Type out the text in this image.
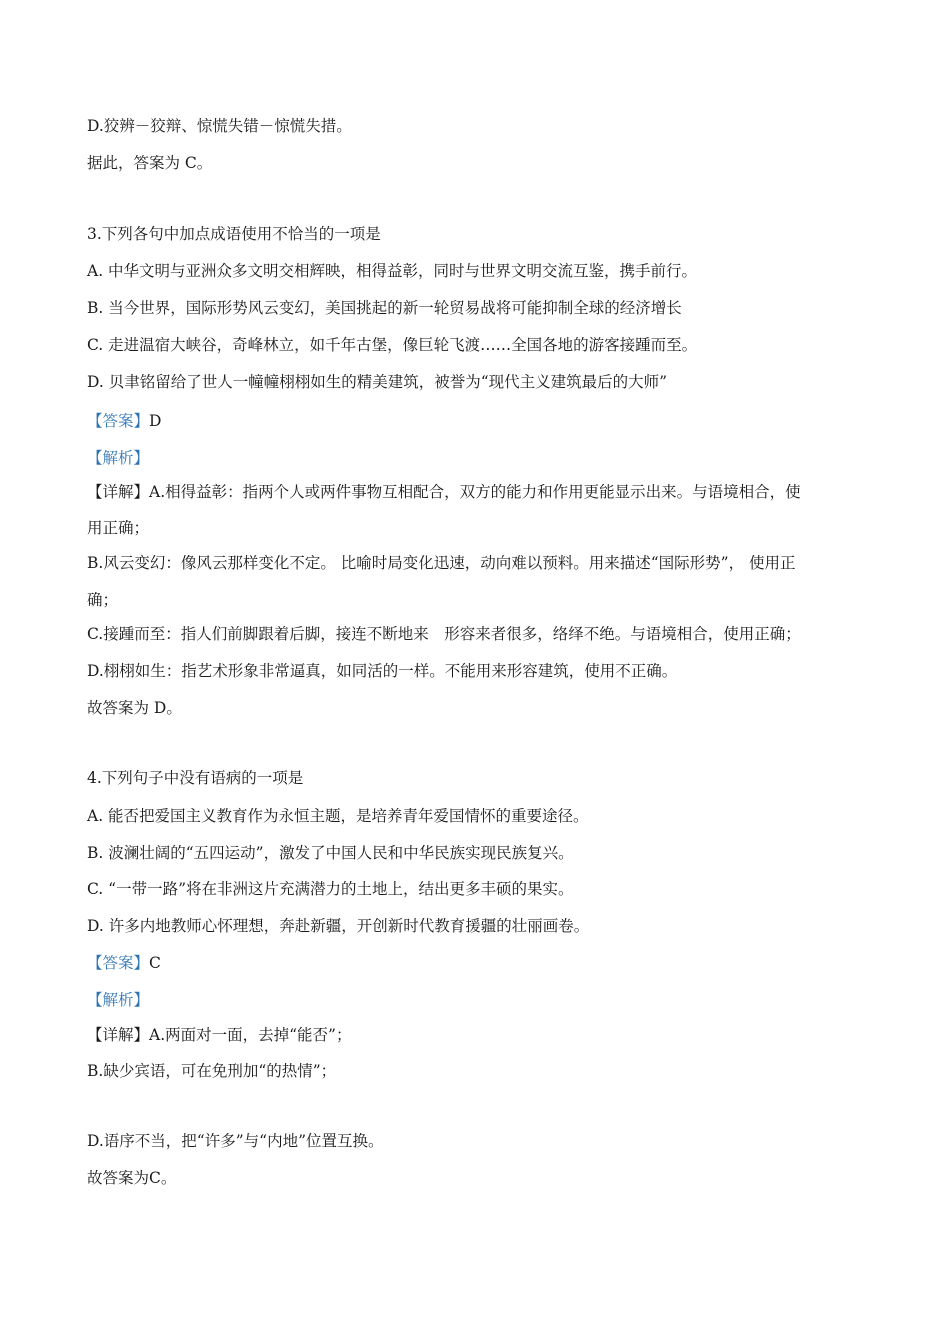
D.狡辨－狡辩、惊慌失错－惊慌失措。
据此，答案为 C。
3.下列各句中加点成语使用不恰当的一项是
A. 中华文明与亚洲众多文明交相辉映，相得益彰，同时与世界文明交流互鉴，携手前行。
B. 当今世界，国际形势风云变幻，美国挑起的新一轮贸易战将可能抑制全球的经济增长
C. 走进温宿大峡谷，奇峰林立，如千年古堡，像巨轮飞渡……全国各地的游客接踵而至。
D. 贝聿铭留给了世人一幢幢栩栩如生的精美建筑，被誉为“现代主义建筑最后的大师”
【答案】D
【解析】
【详解】A.相得益彰：指两个人或两件事物互相配合，双方的能力和作用更能显示出来。与语境相合，使
用正确；
B.风云变幻：像风云那样变化不定。 比喻时局变化迅速，动向难以预料。用来描述“国际形势”， 使用正
确；
C.接踵而至：指人们前脚跟着后脚，接连不断地来　形容来者很多，络绎不绝。与语境相合，使用正确；
D.栩栩如生：指艺术形象非常逼真，如同活的一样。不能用来形容建筑，使用不正确。
故答案为 D。
4.下列句子中没有语病的一项是
A. 能否把爱国主义教育作为永恒主题，是培养青年爱国情怀的重要途径。
B. 波澜壮阔的“五四运动”，激发了中国人民和中华民族实现民族复兴。
C. “一带一路”将在非洲这片充满潜力的土地上，结出更多丰硕的果实。
D. 许多内地教师心怀理想，奔赴新疆，开创新时代教育援疆的壮丽画卷。
【答案】C
【解析】
【详解】A.两面对一面，去掉“能否”；
B.缺少宾语，可在免刑加“的热情”；
D.语序不当，把“许多”与“内地”位置互换。
故答案为C。
